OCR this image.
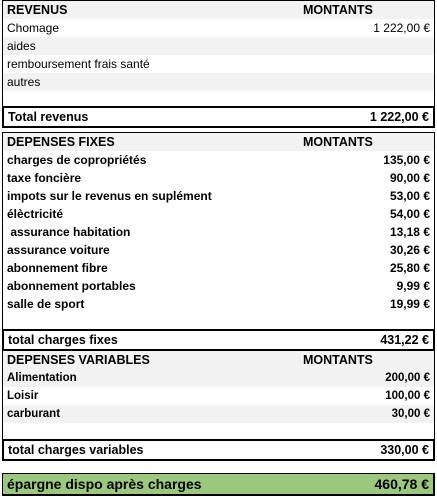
REVENUS	MONTANTS
Chomage	1 222,00 €
aides
remboursement frais santé
autres
Total revenus	1 222,00 €
DEPENSES FIXES	MONTANTS
charges de copropriétés	135,00 €
taxe foncière	90,00 €
impots sur le revenus en suplément	53,00 €
élèctricité	54,00 €
assurance habitation	13,18 €
assurance voiture	30,26 €
abonnement fibre	25,80 €
abonnement portables	9,99 €
salle de sport	19,99 €
total charges fixes	431,22 €
DEPENSES VARIABLES	MONTANTS
Alimentation	200,00 €
Loisir	100,00 €
carburant	30,00 €
total charges variables	330,00 €
épargne dispo après charges	460,78 €
